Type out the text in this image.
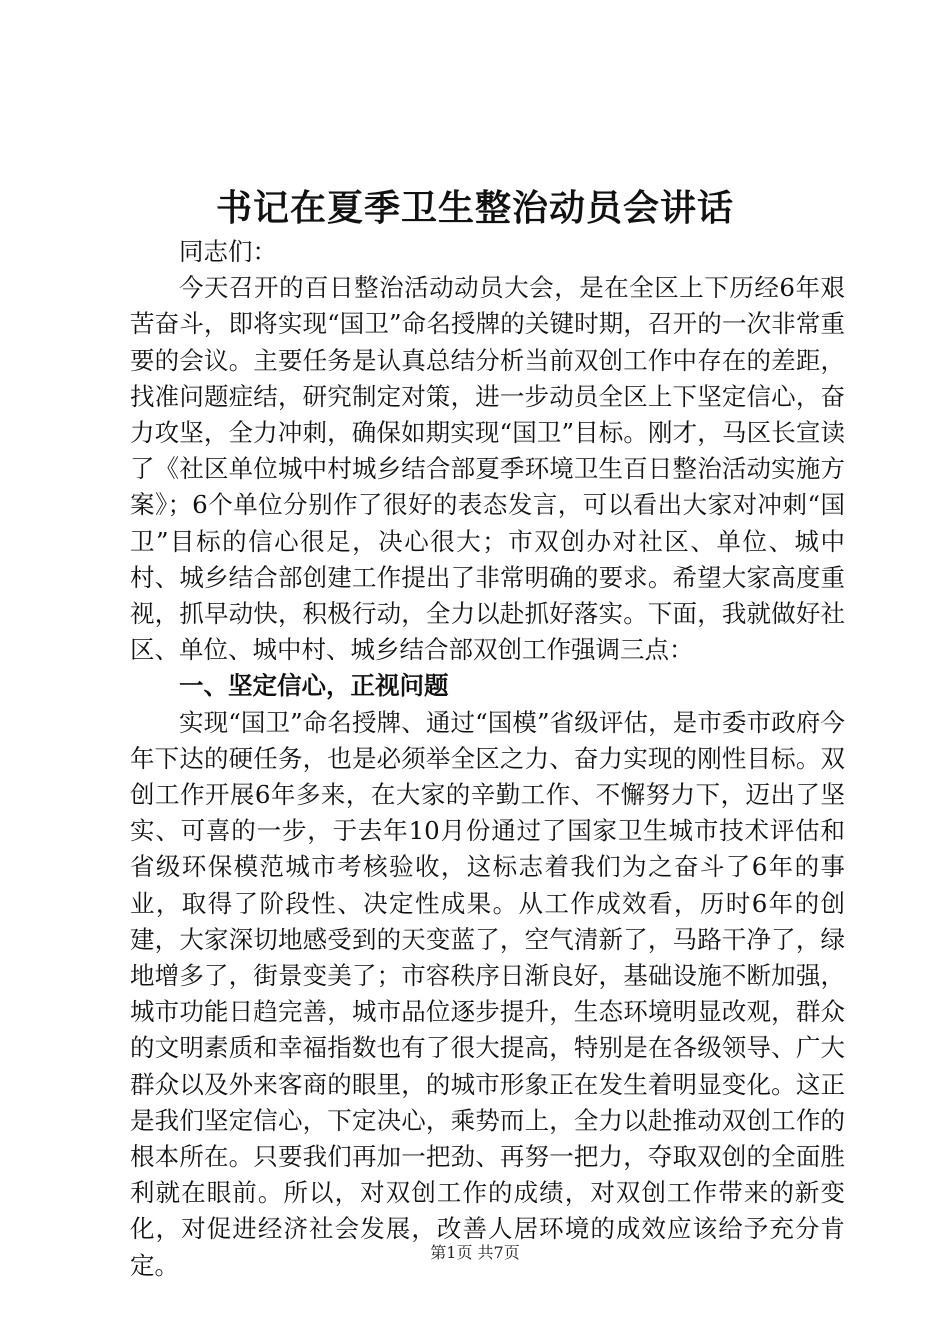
书记在夏季卫生整治动员会讲话

同志们：

今天召开的百日整治活动动员大会，是在全区上下历经6年艰苦奋斗，即将实现“国卫”命名授牌的关键时期，召开的一次非常重要的会议。主要任务是认真总结分析当前双创工作中存在的差距，找准问题症结，研究制定对策，进一步动员全区上下坚定信心，奋力攻坚，全力冲刺，确保如期实现“国卫”目标。刚才，马区长宣读了《社区单位城中村城乡结合部夏季环境卫生百日整治活动实施方案》；6个单位分别作了很好的表态发言，可以看出大家对冲刺“国卫”目标的信心很足，决心很大；市双创办对社区、单位、城中村、城乡结合部创建工作提出了非常明确的要求。希望大家高度重视，抓早动快，积极行动，全力以赴抓好落实。下面，我就做好社区、单位、城中村、城乡结合部双创工作强调三点：

一、坚定信心，正视问题

实现“国卫”命名授牌、通过“国模”省级评估，是市委市政府今年下达的硬任务，也是必须举全区之力、奋力实现的刚性目标。双创工作开展6年多来，在大家的辛勤工作、不懈努力下，迈出了坚实、可喜的一步，于去年10月份通过了国家卫生城市技术评估和省级环保模范城市考核验收，这标志着我们为之奋斗了6年的事业，取得了阶段性、决定性成果。从工作成效看，历时6年的创建，大家深切地感受到的天变蓝了，空气清新了，马路干净了，绿地增多了，街景变美了；市容秩序日渐良好，基础设施不断加强，城市功能日趋完善，城市品位逐步提升，生态环境明显改观，群众的文明素质和幸福指数也有了很大提高，特别是在各级领导、广大群众以及外来客商的眼里，的城市形象正在发生着明显变化。这正是我们坚定信心，下定决心，乘势而上，全力以赴推动双创工作的根本所在。只要我们再加一把劲、再努一把力，夺取双创的全面胜利就在眼前。所以，对双创工作的成绩，对双创工作带来的新变化，对促进经济社会发展，改善人居环境的成效应该给予充分肯定。	第1页 共7页
